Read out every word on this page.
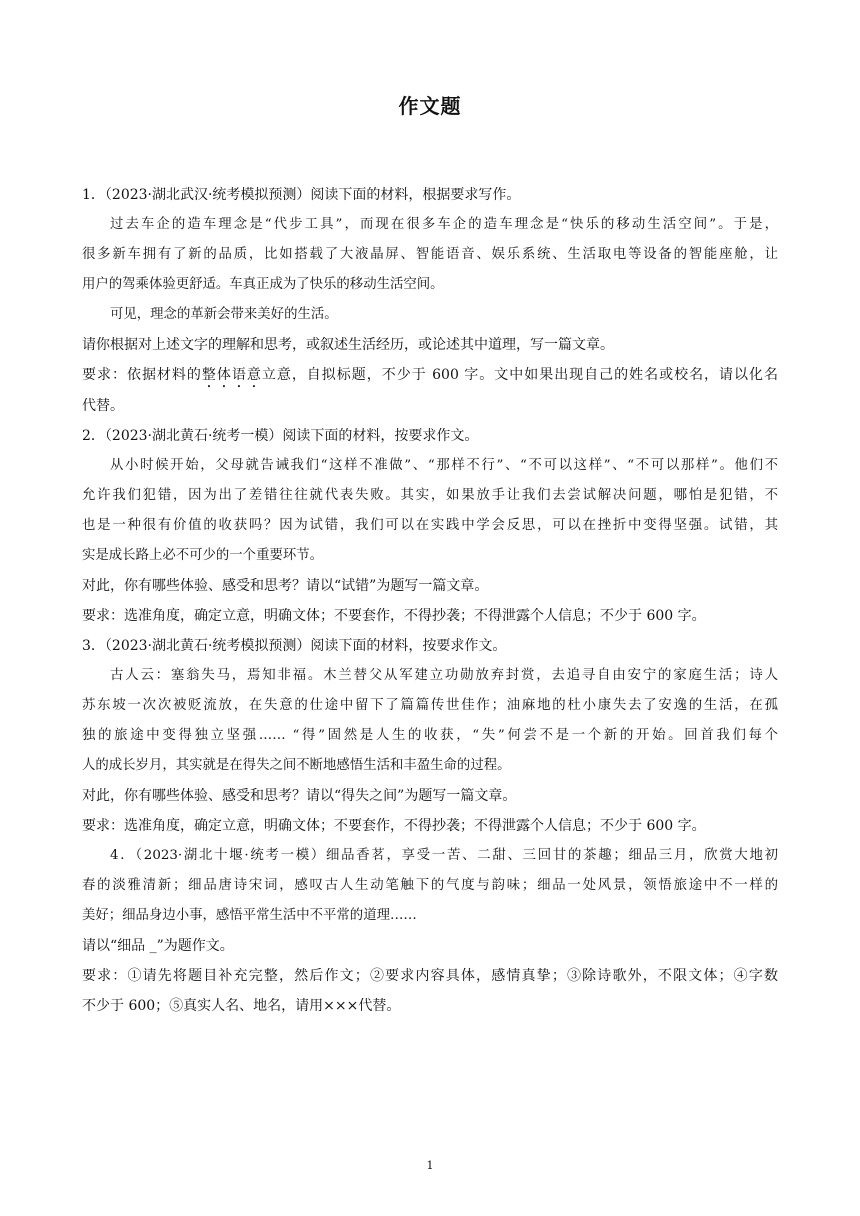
作文题

1．（2023·湖北武汉·统考模拟预测）阅读下面的材料，根据要求写作。

过去车企的造车理念是“代步工具”，而现在很多车企的造车理念是“快乐的移动生活空间”。于是，

很多新车拥有了新的品质，比如搭载了大液晶屏、智能语音、娱乐系统、生活取电等设备的智能座舱，让

用户的驾乘体验更舒适。车真正成为了快乐的移动生活空间。

可见，理念的革新会带来美好的生活。

请你根据对上述文字的理解和思考，或叙述生活经历，或论述其中道理，写一篇文章。

要求：依据材料的整体语意立意，自拟标题，不少于 600 字。文中如果出现自己的姓名或校名，请以化名

代替。

2．（2023·湖北黄石·统考一模）阅读下面的材料，按要求作文。

从小时候开始，父母就告诫我们“这样不准做”、“那样不行”、“不可以这样”、“不可以那样”。他们不

允许我们犯错，因为出了差错往往就代表失败。其实，如果放手让我们去尝试解决问题，哪怕是犯错，不

也是一种很有价值的收获吗？因为试错，我们可以在实践中学会反思，可以在挫折中变得坚强。试错，其

实是成长路上必不可少的一个重要环节。

对此，你有哪些体验、感受和思考？请以“试错”为题写一篇文章。

要求：选准角度，确定立意，明确文体；不要套作，不得抄袭；不得泄露个人信息；不少于 600 字。

3．（2023·湖北黄石·统考模拟预测）阅读下面的材料，按要求作文。

古人云：塞翁失马，焉知非福。木兰替父从军建立功勋放弃封赏，去追寻自由安宁的家庭生活；诗人

苏东坡一次次被贬流放，在失意的仕途中留下了篇篇传世佳作；油麻地的杜小康失去了安逸的生活，在孤

独的旅途中变得独立坚强…… “得”固然是人生的收获，“失”何尝不是一个新的开始。回首我们每个

人的成长岁月，其实就是在得失之间不断地感悟生活和丰盈生命的过程。

对此，你有哪些体验、感受和思考？请以“得失之间”为题写一篇文章。

要求：选准角度，确定立意，明确文体；不要套作，不得抄袭；不得泄露个人信息；不少于 600 字。

4．（2023·湖北十堰·统考一模）细品香茗，享受一苦、二甜、三回甘的茶趣；细品三月，欣赏大地初

春的淡雅清新；细品唐诗宋词，感叹古人生动笔触下的气度与韵味；细品一处风景，领悟旅途中不一样的

美好；细品身边小事，感悟平常生活中不平常的道理……

请以“细品 _”为题作文。

要求：①请先将题目补充完整，然后作文；②要求内容具体，感情真挚；③除诗歌外，不限文体；④字数

不少于 600；⑤真实人名、地名，请用×××代替。

1
